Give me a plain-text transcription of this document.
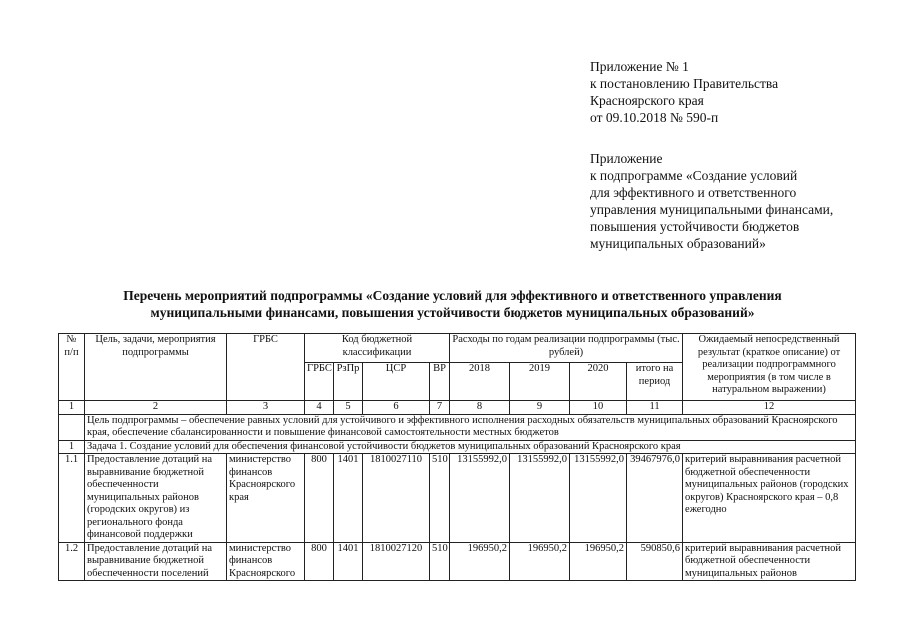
Приложение № 1
к постановлению Правительства
Красноярского края
от 09.10.2018 № 590-п
Приложение
к подпрограмме «Создание условий
для эффективного и ответственного
управления муниципальными финансами,
повышения устойчивости бюджетов
муниципальных образований»
Перечень мероприятий подпрограммы «Создание условий для эффективного и ответственного управления
муниципальными финансами, повышения устойчивости бюджетов муниципальных образований»
№ п/п	Цель, задачи, мероприятия подпрограммы	ГРБС	Код бюджетной классификации				Расходы по годам реализации подпрограммы (тыс. рублей)				Ожидаемый непосредственный результат (краткое описание) от реализации подпрограммного мероприятия (в том числе в натуральном выражении)
			ГРБС	РзПр	ЦСР	ВР	2018	2019	2020	итого на период	
1	2	3	4	5	6	7	8	9	10	11	12
	Цель подпрограммы – обеспечение равных условий для устойчивого и эффективного исполнения расходных обязательств муниципальных образований Красноярского края, обеспечение сбалансированности и повышение финансовой самостоятельности местных бюджетов										
1	Задача 1. Создание условий для обеспечения финансовой устойчивости бюджетов муниципальных образований Красноярского края										
1.1	Предоставление дотаций на выравнивание бюджетной обеспеченности муниципальных районов (городских округов) из регионального фонда финансовой поддержки	министерство финансов Красноярского края	800	1401	1810027110	510	13155992,0	13155992,0	13155992,0	39467976,0	критерий выравнивания расчетной бюджетной обеспеченности муниципальных районов (городских округов) Красноярского края – 0,8 ежегодно
1.2	Предоставление дотаций на выравнивание бюджетной обеспеченности поселений	министерство финансов Красноярского	800	1401	1810027120	510	196950,2	196950,2	196950,2	590850,6	критерий выравнивания расчетной бюджетной обеспеченности муниципальных районов
